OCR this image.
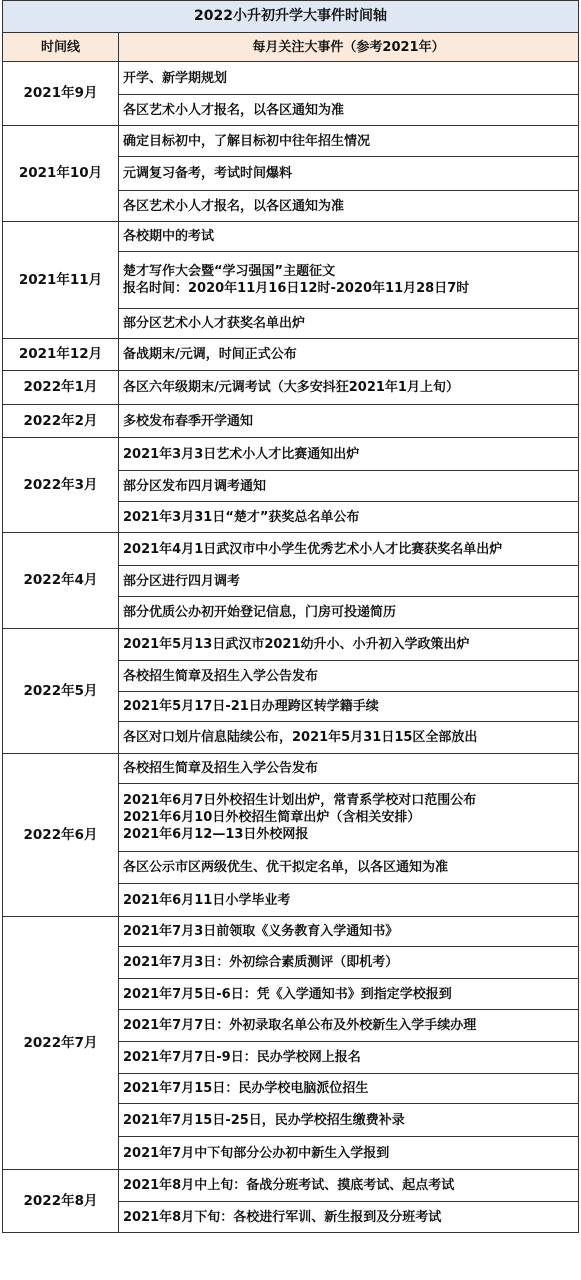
2022小升初升学大事件时间轴	
时间线	每月关注大事件（参考2021年）
2021年9月	开学、新学期规划
	各区艺术小人才报名，以各区通知为准
2021年10月	确定目标初中，了解目标初中往年招生情况
	元调复习备考，考试时间爆料
	各区艺术小人才报名，以各区通知为准
2021年11月	各校期中的考试
	楚才写作大会暨“学习强国”主题征文
报名时间：2020年11月16日12时-2020年11月28日7时
	部分区艺术小人才获奖名单出炉
2021年12月	备战期末/元调，时间正式公布
2022年1月	各区六年级期末/元调考试（大多安抖狂2021年1月上旬）
2022年2月	多校发布春季开学通知
2022年3月	2021年3月3日艺术小人才比赛通知出炉
	部分区发布四月调考通知
	2021年3月31日“楚才”获奖总名单公布
2022年4月	2021年4月1日武汉市中小学生优秀艺术小人才比赛获奖名单出炉
	部分区进行四月调考
	部分优质公办初开始登记信息，门房可投递简历
2022年5月	2021年5月13日武汉市2021幼升小、小升初入学政策出炉
	各校招生简章及招生入学公告发布
	2021年5月17日-21日办理跨区转学籍手续
	各区对口划片信息陆续公布，2021年5月31日15区全部放出
2022年6月	各校招生简章及招生入学公告发布
	2021年6月7日外校招生计划出炉，常青系学校对口范围公布
2021年6月10日外校招生简章出炉（含相关安排）
2021年6月12—13日外校网报
	各区公示市区两级优生、优干拟定名单，以各区通知为准
	2021年6月11日小学毕业考
2022年7月	2021年7月3日前领取《义务教育入学通知书》
	2021年7月3日：外初综合素质测评（即机考）
	2021年7月5日-6日：凭《入学通知书》到指定学校报到
	2021年7月7日：外初录取名单公布及外校新生入学手续办理
	2021年7月7日-9日：民办学校网上报名
	2021年7月15日：民办学校电脑派位招生
	2021年7月15日-25日，民办学校招生缴费补录
	2021年7月中下旬部分公办初中新生入学报到
2022年8月	2021年8月中上旬：备战分班考试、摸底考试、起点考试
	2021年8月下旬：各校进行军训、新生报到及分班考试
